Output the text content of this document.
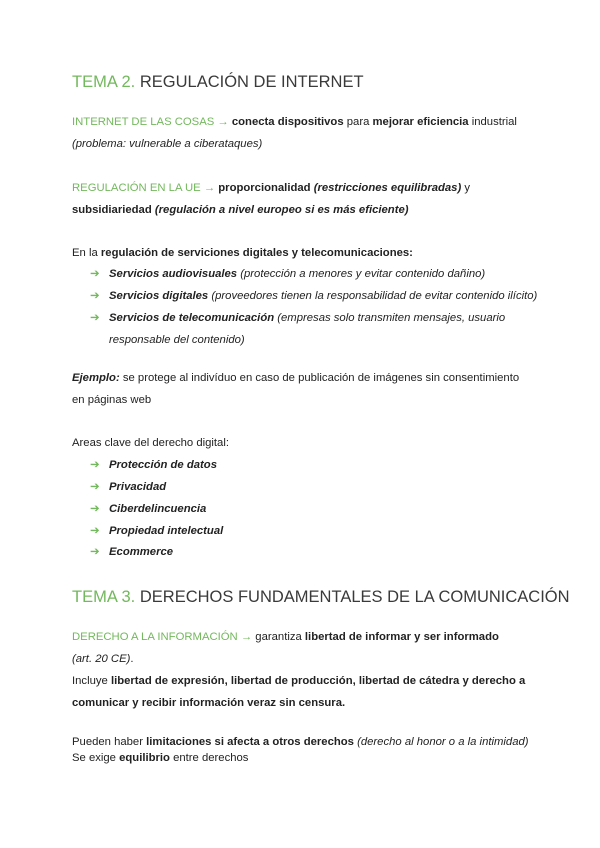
TEMA 2. REGULACIÓN DE INTERNET
INTERNET DE LAS COSAS → conecta dispositivos para mejorar eficiencia industrial
(problema: vulnerable a ciberataques)
REGULACIÓN EN LA UE → proporcionalidad (restricciones equilibradas) y
subsidiariedad (regulación a nivel europeo si es más eficiente)
En la regulación de serviciones digitales y telecomunicaciones:
➔ Servicios audiovisuales (protección a menores y evitar contenido dañino)
➔ Servicios digitales (proveedores tienen la responsabilidad de evitar contenido ilícito)
➔ Servicios de telecomunicación (empresas solo transmiten mensajes, usuario
responsable del contenido)
Ejemplo: se protege al indivíduo en caso de publicación de imágenes sin consentimiento
en páginas web
Areas clave del derecho digital:
➔ Protección de datos
➔ Privacidad
➔ Ciberdelincuencia
➔ Propiedad intelectual
➔ Ecommerce
TEMA 3. DERECHOS FUNDAMENTALES DE LA COMUNICACIÓN
DERECHO A LA INFORMACIÓN → garantiza libertad de informar y ser informado
(art. 20 CE).
Incluye libertad de expresión, libertad de producción, libertad de cátedra y derecho a
comunicar y recibir información veraz sin censura.
Pueden haber limitaciones si afecta a otros derechos (derecho al honor o a la intimidad)
Se exige equilibrio entre derechos
